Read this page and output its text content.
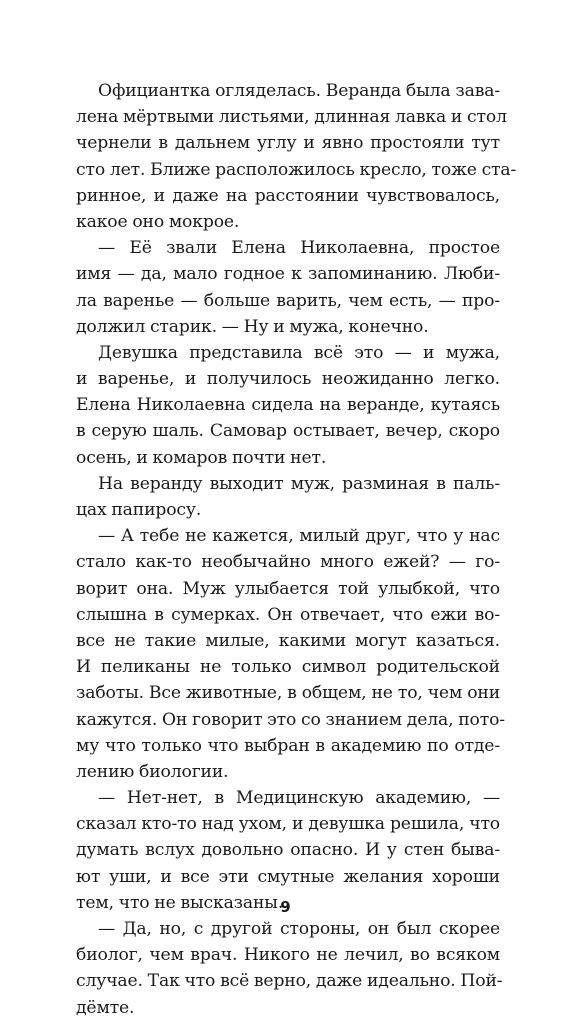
Официантка огляделась. Веранда была зава-
лена мёртвыми листьями, длинная лавка и стол
чернели в дальнем углу и явно простояли тут
сто лет. Ближе расположилось кресло, тоже ста-
ринное, и даже на расстоянии чувствовалось,
какое оно мокрое.
— Её звали Елена Николаевна, простое
имя — да, мало годное к запоминанию. Люби-
ла варенье — больше варить, чем есть, — про-
должил старик. — Ну и мужа, конечно.
Девушка представила всё это — и мужа,
и варенье, и получилось неожиданно легко.
Елена Николаевна сидела на веранде, кутаясь
в серую шаль. Самовар остывает, вечер, скоро
осень, и комаров почти нет.
На веранду выходит муж, разминая в паль-
цах папиросу.
— А тебе не кажется, милый друг, что у нас
стало как-то необычайно много ежей? — го-
ворит она. Муж улыбается той улыбкой, что
слышна в сумерках. Он отвечает, что ежи во-
все не такие милые, какими могут казаться.
И пеликаны не только символ родительской
заботы. Все животные, в общем, не то, чем они
кажутся. Он говорит это со знанием дела, пото-
му что только что выбран в академию по отде-
лению биологии.
— Нет-нет, в Медицинскую академию, —
сказал кто-то над ухом, и девушка решила, что
думать вслух довольно опасно. И у стен быва-
ют уши, и все эти смутные желания хороши
тем, что не высказаны.
— Да, но, с другой стороны, он был скорее
биолог, чем врач. Никого не лечил, во всяком
случае. Так что всё верно, даже идеально. Пой-
дёмте.
9
